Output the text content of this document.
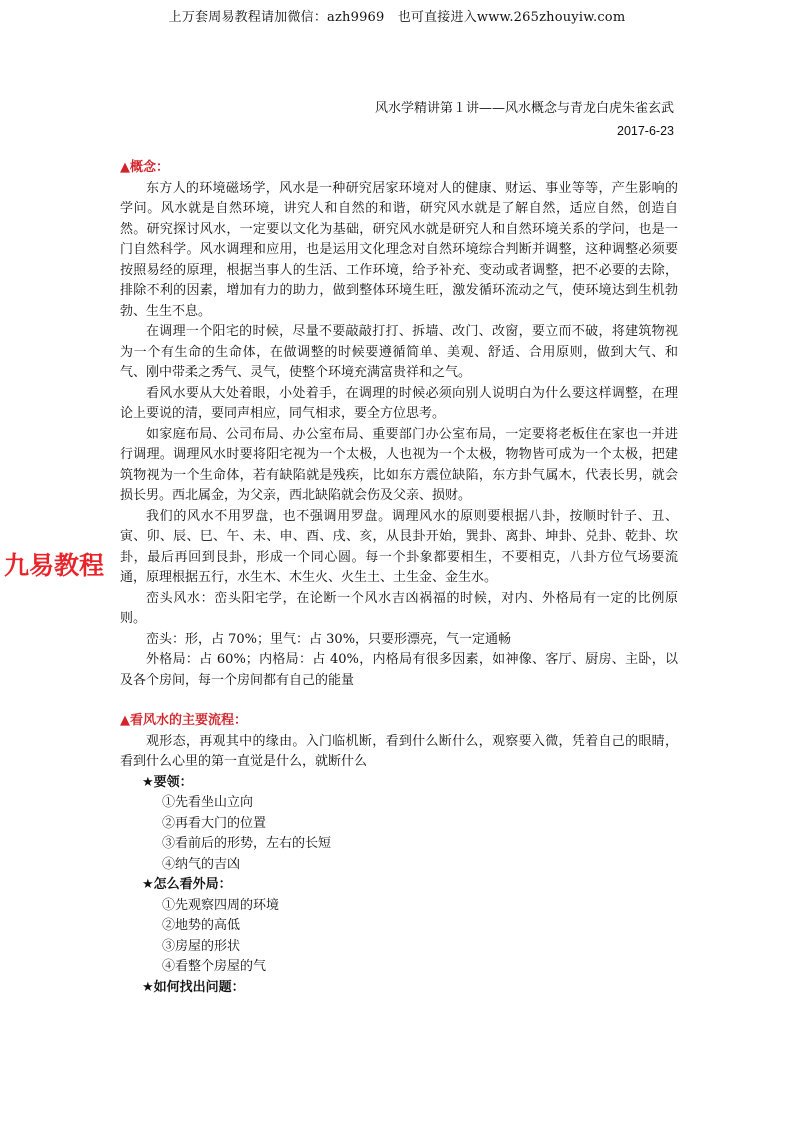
上万套周易教程请加微信：azh9969　也可直接进入www.265zhouyiw.com
九易教程
风水学精讲第１讲——风水概念与青龙白虎朱雀玄武
2017-6-23
▲概念：

东方人的环境磁场学，风水是一种研究居家环境对人的健康、财运、事业等等，产生影响的学问。风水就是自然环境，讲究人和自然的和谐，研究风水就是了解自然，适应自然，创造自然。研究探讨风水，一定要以文化为基础，研究风水就是研究人和自然环境关系的学问，也是一门自然科学。风水调理和应用，也是运用文化理念对自然环境综合判断并调整，这种调整必须要按照易经的原理，根据当事人的生活、工作环境，给予补充、变动或者调整，把不必要的去除，排除不利的因素，增加有力的助力，做到整体环境生旺，激发循环流动之气，使环境达到生机勃勃、生生不息。

在调理一个阳宅的时候，尽量不要敲敲打打、拆墙、改门、改窗，要立而不破，将建筑物视为一个有生命的生命体，在做调整的时候要遵循简单、美观、舒适、合用原则，做到大气、和气、刚中带柔之秀气、灵气，使整个环境充满富贵祥和之气。

看风水要从大处着眼，小处着手，在调理的时候必须向别人说明白为什么要这样调整，在理论上要说的清，要同声相应，同气相求，要全方位思考。

如家庭布局、公司布局、办公室布局、重要部门办公室布局，一定要将老板住在家也一并进行调理。调理风水时要将阳宅视为一个太极，人也视为一个太极，物物皆可成为一个太极，把建筑物视为一个生命体，若有缺陷就是残疾，比如东方震位缺陷，东方卦气属木，代表长男，就会损长男。西北属金，为父亲，西北缺陷就会伤及父亲、损财。

我们的风水不用罗盘，也不强调用罗盘。调理风水的原则要根据八卦，按顺时针子、丑、寅、卯、辰、巳、午、未、申、酉、戌、亥，从艮卦开始，巽卦、离卦、坤卦、兑卦、乾卦、坎卦，最后再回到艮卦，形成一个同心圆。每一个卦象都要相生，不要相克，八卦方位气场要流通，原理根据五行，水生木、木生火、火生土、土生金、金生水。

峦头风水：峦头阳宅学，在论断一个风水吉凶祸福的时候，对内、外格局有一定的比例原则。

峦头：形，占 70%；里气：占 30%，只要形漂亮，气一定通畅

外格局：占 60%；内格局：占 40%，内格局有很多因素，如神像、客厅、厨房、主卧，以及各个房间，每一个房间都有自己的能量

▲看风水的主要流程：

观形态，再观其中的缘由。入门临机断，看到什么断什么，观察要入微，凭着自己的眼睛，看到什么心里的第一直觉是什么，就断什么

★要领：
①先看坐山立向
②再看大门的位置
③看前后的形势，左右的长短
④纳气的吉凶
★怎么看外局：
①先观察四周的环境
②地势的高低
③房屋的形状
④看整个房屋的气
★如何找出问题：
